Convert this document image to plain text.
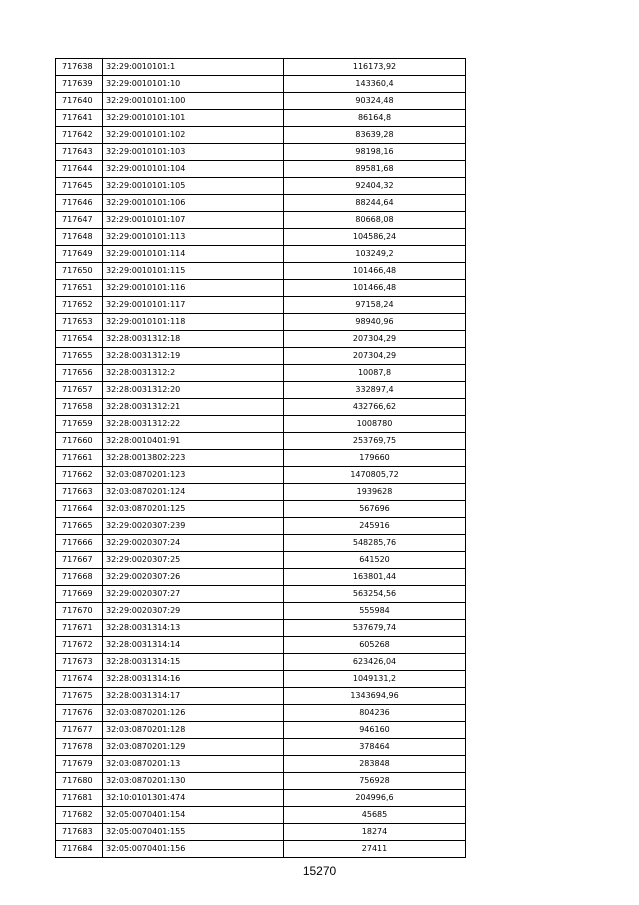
717638	32:29:0010101:1	116173,92
717639	32:29:0010101:10	143360,4
717640	32:29:0010101:100	90324,48
717641	32:29:0010101:101	86164,8
717642	32:29:0010101:102	83639,28
717643	32:29:0010101:103	98198,16
717644	32:29:0010101:104	89581,68
717645	32:29:0010101:105	92404,32
717646	32:29:0010101:106	88244,64
717647	32:29:0010101:107	80668,08
717648	32:29:0010101:113	104586,24
717649	32:29:0010101:114	103249,2
717650	32:29:0010101:115	101466,48
717651	32:29:0010101:116	101466,48
717652	32:29:0010101:117	97158,24
717653	32:29:0010101:118	98940,96
717654	32:28:0031312:18	207304,29
717655	32:28:0031312:19	207304,29
717656	32:28:0031312:2	10087,8
717657	32:28:0031312:20	332897,4
717658	32:28:0031312:21	432766,62
717659	32:28:0031312:22	1008780
717660	32:28:0010401:91	253769,75
717661	32:28:0013802:223	179660
717662	32:03:0870201:123	1470805,72
717663	32:03:0870201:124	1939628
717664	32:03:0870201:125	567696
717665	32:29:0020307:239	245916
717666	32:29:0020307:24	548285,76
717667	32:29:0020307:25	641520
717668	32:29:0020307:26	163801,44
717669	32:29:0020307:27	563254,56
717670	32:29:0020307:29	555984
717671	32:28:0031314:13	537679,74
717672	32:28:0031314:14	605268
717673	32:28:0031314:15	623426,04
717674	32:28:0031314:16	1049131,2
717675	32:28:0031314:17	1343694,96
717676	32:03:0870201:126	804236
717677	32:03:0870201:128	946160
717678	32:03:0870201:129	378464
717679	32:03:0870201:13	283848
717680	32:03:0870201:130	756928
717681	32:10:0101301:474	204996,6
717682	32:05:0070401:154	45685
717683	32:05:0070401:155	18274
717684	32:05:0070401:156	27411
15270
